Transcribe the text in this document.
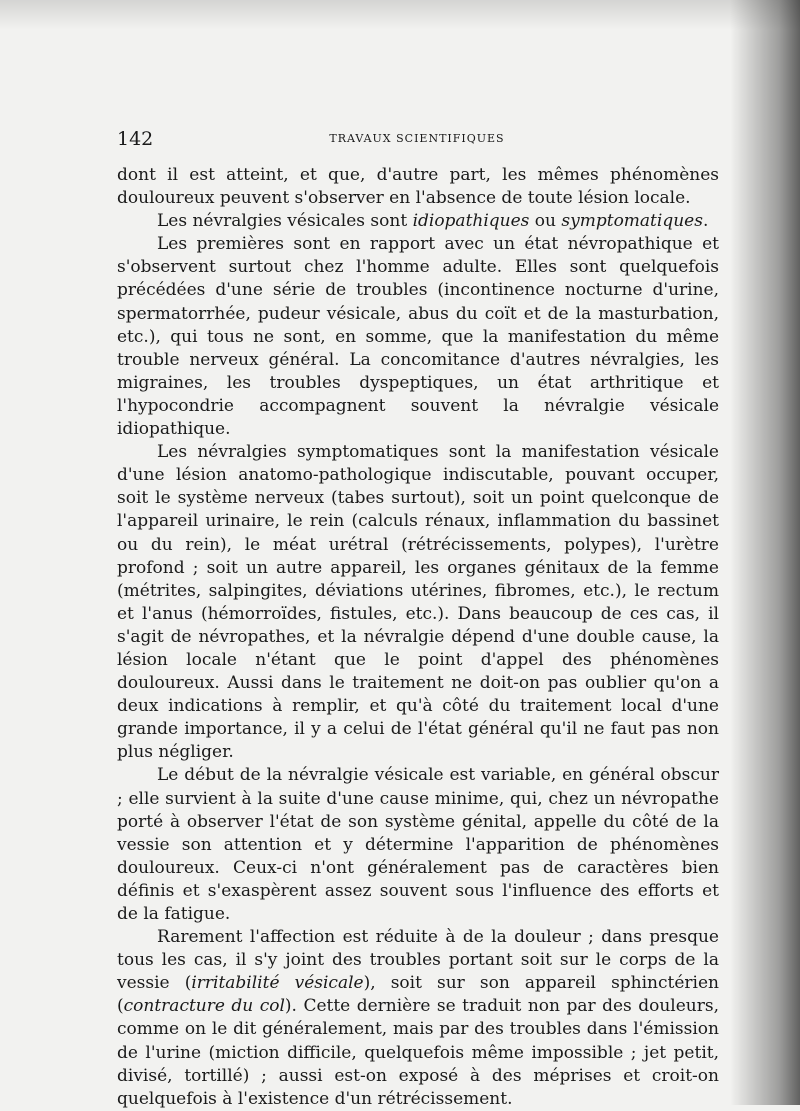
142	TRAVAUX SCIENTIFIQUES

dont il est atteint, et que, d'autre part, les mêmes phénomènes douloureux peuvent s'observer en l'absence de toute lésion locale.

Les névralgies vésicales sont idiopathiques ou symptomatiques.

Les premières sont en rapport avec un état névropathique et s'observent surtout chez l'homme adulte. Elles sont quelquefois précédées d'une série de troubles (incontinence nocturne d'urine, spermatorrhée, pudeur vésicale, abus du coït et de la masturbation, etc.), qui tous ne sont, en somme, que la manifestation du même trouble nerveux général. La concomitance d'autres névralgies, les migraines, les troubles dyspeptiques, un état arthritique et l'hypocondrie accompagnent souvent la névralgie vésicale idiopathique.

Les névralgies symptomatiques sont la manifestation vésicale d'une lésion anatomo-pathologique indiscutable, pouvant occuper, soit le système nerveux (tabes surtout), soit un point quelconque de l'appareil urinaire, le rein (calculs rénaux, inflammation du bassinet ou du rein), le méat urétral (rétrécissements, polypes), l'urètre profond ; soit un autre appareil, les organes génitaux de la femme (métrites, salpingites, déviations utérines, fibromes, etc.), le rectum et l'anus (hémorroïdes, fistules, etc.). Dans beaucoup de ces cas, il s'agit de névropathes, et la névralgie dépend d'une double cause, la lésion locale n'étant que le point d'appel des phénomènes douloureux. Aussi dans le traitement ne doit-on pas oublier qu'on a deux indications à remplir, et qu'à côté du traitement local d'une grande importance, il y a celui de l'état général qu'il ne faut pas non plus négliger.

Le début de la névralgie vésicale est variable, en général obscur ; elle survient à la suite d'une cause minime, qui, chez un névropathe porté à observer l'état de son système génital, appelle du côté de la vessie son attention et y détermine l'apparition de phénomènes douloureux. Ceux-ci n'ont généralement pas de caractères bien définis et s'exaspèrent assez souvent sous l'influence des efforts et de la fatigue.

Rarement l'affection est réduite à de la douleur ; dans presque tous les cas, il s'y joint des troubles portant soit sur le corps de la vessie (irritabilité vésicale), soit sur son appareil sphinctérien (contracture du col). Cette dernière se traduit non par des douleurs, comme on le dit généralement, mais par des troubles dans l'émission de l'urine (miction difficile, quelquefois même impossible ; jet petit, divisé, tortillé) ; aussi est-on exposé à des méprises et croit-on quelquefois à l'existence d'un rétrécissement.
